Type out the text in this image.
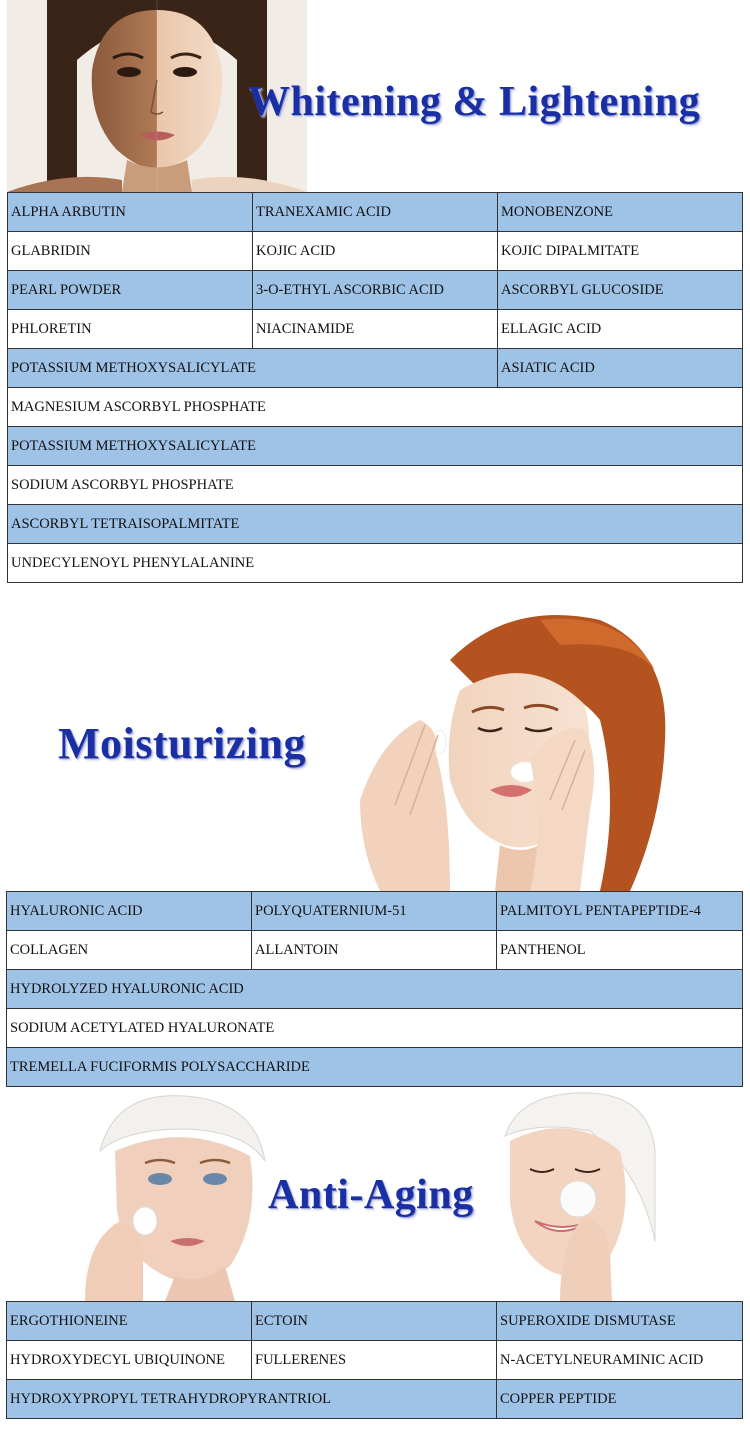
Whitening & Lightening
ALPHA ARBUTIN	TRANEXAMIC ACID	MONOBENZONE
GLABRIDIN	KOJIC ACID	KOJIC DIPALMITATE
PEARL POWDER	3-O-ETHYL ASCORBIC ACID	ASCORBYL GLUCOSIDE
PHLORETIN	NIACINAMIDE	ELLAGIC ACID
POTASSIUM METHOXYSALICYLATE		ASIATIC ACID
MAGNESIUM ASCORBYL PHOSPHATE		
POTASSIUM METHOXYSALICYLATE		
SODIUM ASCORBYL PHOSPHATE		
ASCORBYL TETRAISOPALMITATE		
UNDECYLENOYL PHENYLALANINE		
Moisturizing
HYALURONIC ACID	POLYQUATERNIUM-51	PALMITOYL PENTAPEPTIDE-4
COLLAGEN	ALLANTOIN	PANTHENOL
HYDROLYZED HYALURONIC ACID		
SODIUM ACETYLATED HYALURONATE		
TREMELLA FUCIFORMIS POLYSACCHARIDE		
Anti-Aging
ERGOTHIONEINE	ECTOIN	SUPEROXIDE DISMUTASE
HYDROXYDECYL UBIQUINONE	FULLERENES	N-ACETYLNEURAMINIC ACID
HYDROXYPROPYL TETRAHYDROPYRANTRIOL		COPPER PEPTIDE
